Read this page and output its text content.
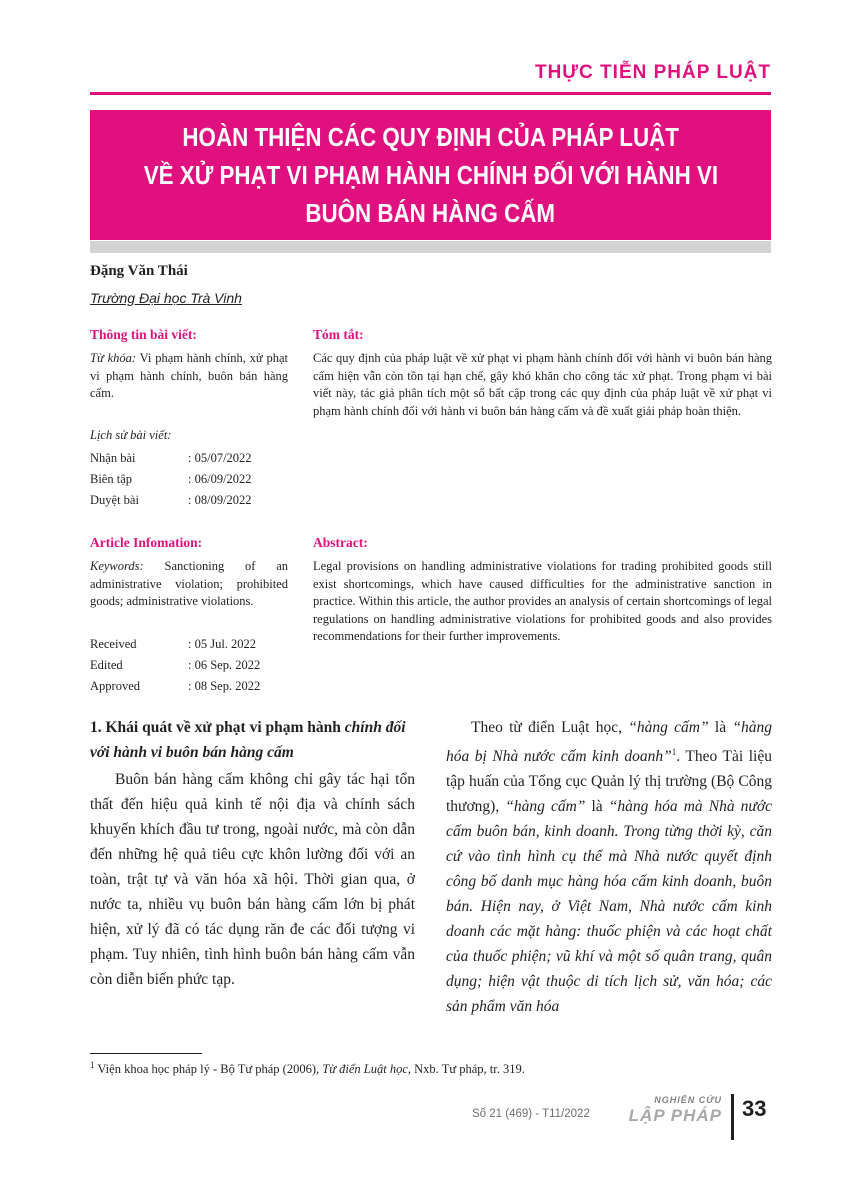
THỰC TIỄN PHÁP LUẬT
HOÀN THIỆN CÁC QUY ĐỊNH CỦA PHÁP LUẬT
VỀ XỬ PHẠT VI PHẠM HÀNH CHÍNH ĐỐI VỚI HÀNH VI
BUÔN BÁN HÀNG CẤM
Đặng Văn Thái
Trường Đại học Trà Vinh
Thông tin bài viết:
Từ khóa: Vi phạm hành chính, xử phạt vi phạm hành chính, buôn bán hàng cấm.
Lịch sử bài viết:
Nhận bài	: 05/07/2022
Biên tập	: 06/09/2022
Duyệt bài	: 08/09/2022
Tóm tắt:
Các quy định của pháp luật về xử phạt vi phạm hành chính đối với hành vi buôn bán hàng cấm hiện vẫn còn tồn tại hạn chế, gây khó khăn cho công tác xử phạt. Trong phạm vi bài viết này, tác giả phân tích một số bất cập trong các quy định của pháp luật về xử phạt vi phạm hành chính đối với hành vi buôn bán hàng cấm và đề xuất giải pháp hoàn thiện.
Article Infomation:
Keywords: Sanctioning of an administrative violation; prohibited goods; administrative violations.
Received	: 05 Jul. 2022
Edited	: 06 Sep. 2022
Approved	: 08 Sep. 2022
Abstract:
Legal provisions on handling administrative violations for trading prohibited goods still exist shortcomings, which have caused difficulties for the administrative sanction in practice. Within this article, the author provides an analysis of certain shortcomings of legal regulations on handling administrative violations for prohibited goods and also provides recommendations for their further improvements.
1. Khái quát về xử phạt vi phạm hành chính đối với hành vi buôn bán hàng cấm
Buôn bán hàng cấm không chỉ gây tác hại tổn thất đến hiệu quả kinh tế nội địa và chính sách khuyến khích đầu tư trong, ngoài nước, mà còn dẫn đến những hệ quả tiêu cực khôn lường đối với an toàn, trật tự và văn hóa xã hội. Thời gian qua, ở nước ta, nhiều vụ buôn bán hàng cấm lớn bị phát hiện, xử lý đã có tác dụng răn đe các đối tượng vi phạm. Tuy nhiên, tình hình buôn bán hàng cấm vẫn còn diễn biến phức tạp.
Theo từ điển Luật học, “hàng cấm” là “hàng hóa bị Nhà nước cấm kinh doanh”$^1$. Theo Tài liệu tập huấn của Tổng cục Quản lý thị trường (Bộ Công thương), “hàng cấm” là “hàng hóa mà Nhà nước cấm buôn bán, kinh doanh. Trong từng thời kỳ, căn cứ vào tình hình cụ thể mà Nhà nước quyết định công bố danh mục hàng hóa cấm kinh doanh, buôn bán. Hiện nay, ở Việt Nam, Nhà nước cấm kinh doanh các mặt hàng: thuốc phiện và các hoạt chất của thuốc phiện; vũ khí và một số quân trang, quân dụng; hiện vật thuộc di tích lịch sử, văn hóa; các sản phẩm văn hóa
$^1$ Viện khoa học pháp lý - Bộ Tư pháp (2006), Từ điển Luật học, Nxb. Tư pháp, tr. 319.
Số 21 (469) - T11/2022
NGHIÊN CỨU
LẬP PHÁP 33
